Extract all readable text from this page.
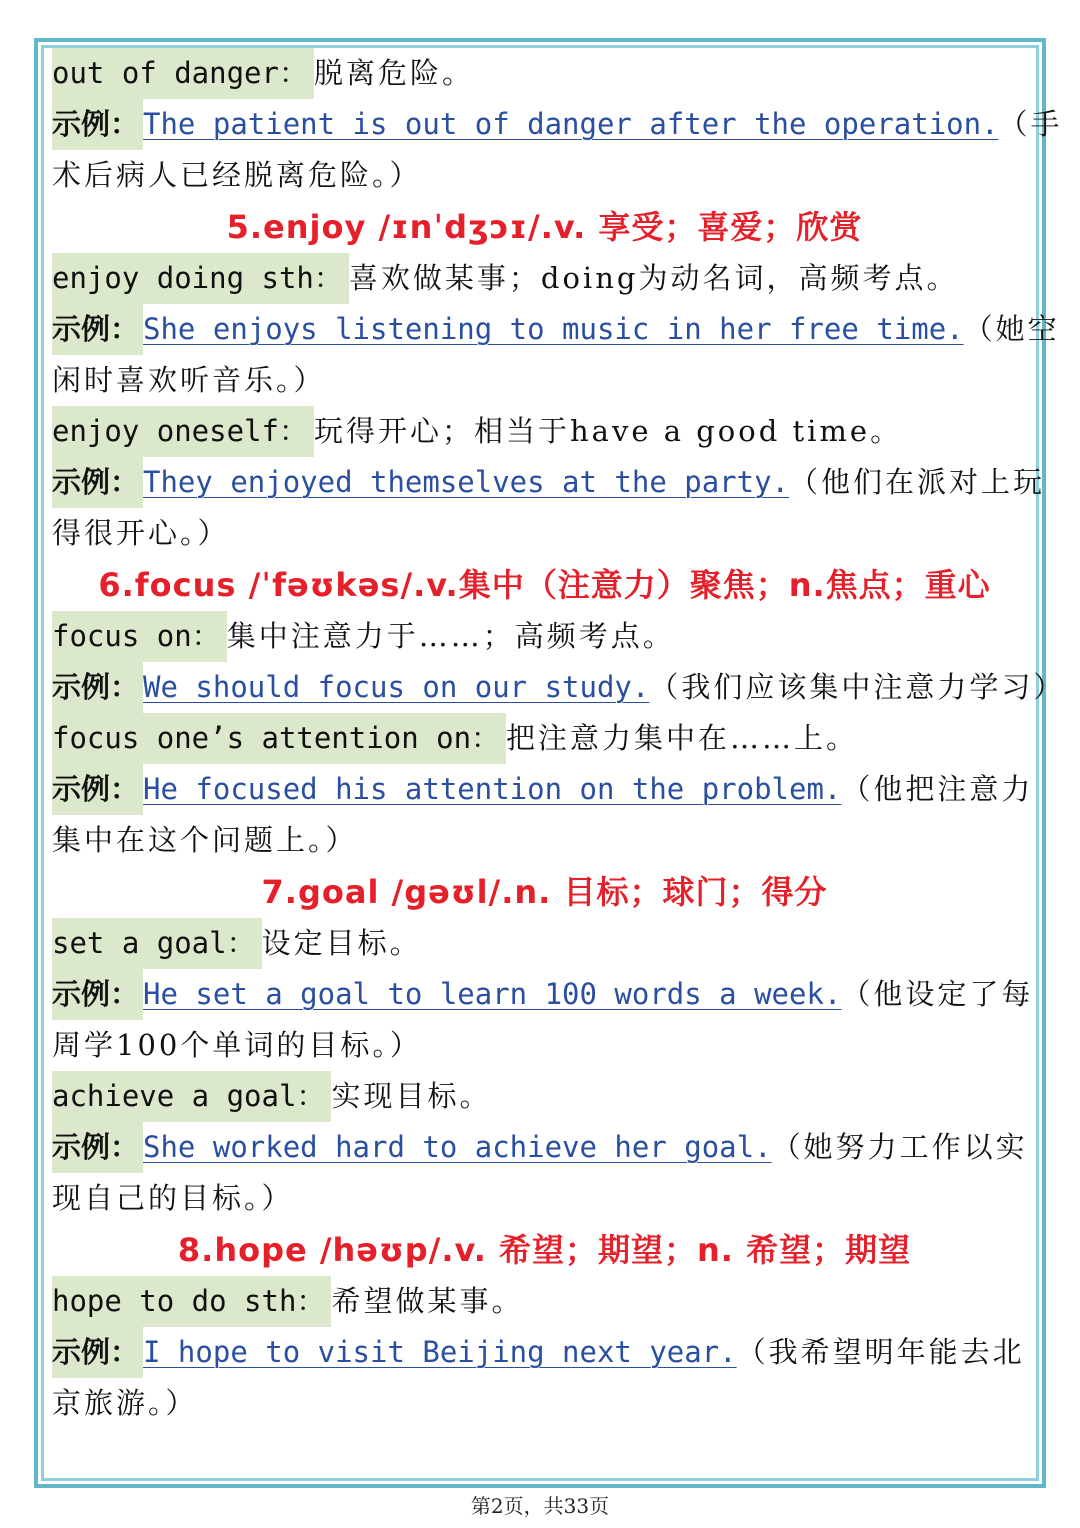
out of danger： 脱离危险。
示例： The patient is out of danger after the operation. （手
术后病人已经脱离危险。）
5.enjoy /ɪnˈdʒɔɪ/.v. 享受；喜爱；欣赏
enjoy doing sth： 喜欢做某事；doing为动名词，高频考点。
示例： She enjoys listening to music in her free time. （她空
闲时喜欢听音乐。）
enjoy oneself： 玩得开心；相当于have a good time。
示例： They enjoyed themselves at the party. （他们在派对上玩
得很开心。）
6.focus /ˈfəʊkəs/.v.集中（注意力）聚焦；n.焦点；重心
focus on： 集中注意力于……；高频考点。
示例： We should focus on our study. （我们应该集中注意力学习）
focus one’s attention on： 把注意力集中在……上。
示例： He focused his attention on the problem. （他把注意力
集中在这个问题上。）
7.goal /gəʊl/.n. 目标；球门；得分
set a goal： 设定目标。
示例： He set a goal to learn 100 words a week. （他设定了每
周学100个单词的目标。）
achieve a goal： 实现目标。
示例： She worked hard to achieve her goal. （她努力工作以实
现自己的目标。）
8.hope /həʊp/.v. 希望；期望；n. 希望；期望
hope to do sth： 希望做某事。
示例： I hope to visit Beijing next year. （我希望明年能去北
京旅游。）
第2页，共33页
